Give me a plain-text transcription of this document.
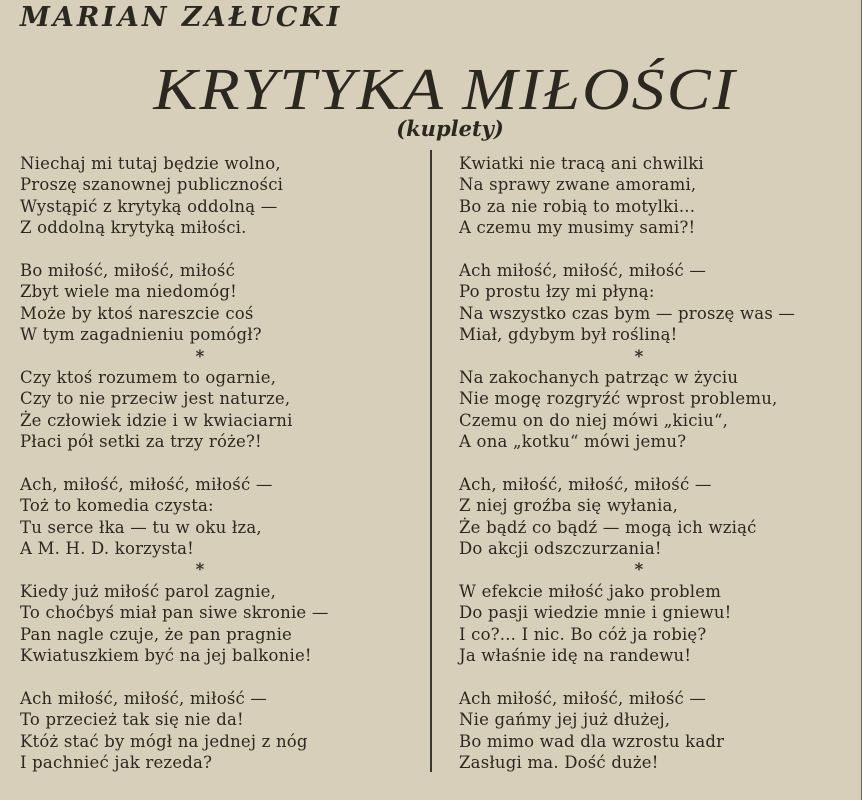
MARIAN ZAŁUCKI
KRYTYKA MIŁOŚCI
(kuplety)
Niechaj mi tutaj będzie wolno,
Proszę szanownej publiczności
Wystąpić z krytyką oddolną —
Z oddolną krytyką miłości.
Bo miłość, miłość, miłość
Zbyt wiele ma niedomóg!
Może by ktoś nareszcie coś
W tym zagadnieniu pomógł?
*
Czy ktoś rozumem to ogarnie,
Czy to nie przeciw jest naturze,
Że człowiek idzie i w kwiaciarni
Płaci pół setki za trzy róże?!
Ach, miłość, miłość, miłość —
Toż to komedia czysta:
Tu serce łka — tu w oku łza,
A M. H. D. korzysta!
*
Kiedy już miłość parol zagnie,
To choćbyś miał pan siwe skronie —
Pan nagle czuje, że pan pragnie
Kwiatuszkiem być na jej balkonie!
Ach miłość, miłość, miłość —
To przecież tak się nie da!
Któż stać by mógł na jednej z nóg
I pachnieć jak rezeda?
Kwiatki nie tracą ani chwilki
Na sprawy zwane amorami,
Bo za nie robią to motylki...
A czemu my musimy sami?!
Ach miłość, miłość, miłość —
Po prostu łzy mi płyną:
Na wszystko czas bym — proszę was —
Miał, gdybym był rośliną!
*
Na zakochanych patrząc w życiu
Nie mogę rozgryźć wprost problemu,
Czemu on do niej mówi „kiciu“,
A ona „kotku“ mówi jemu?
Ach, miłość, miłość, miłość —
Z niej groźba się wyłania,
Że bądź co bądź — mogą ich wziąć
Do akcji odszczurzania!
*
W efekcie miłość jako problem
Do pasji wiedzie mnie i gniewu!
I co?... I nic. Bo cóż ja robię?
Ja właśnie idę na randewu!
Ach miłość, miłość, miłość —
Nie gańmy jej już dłużej,
Bo mimo wad dla wzrostu kadr
Zasługi ma. Dość duże!
